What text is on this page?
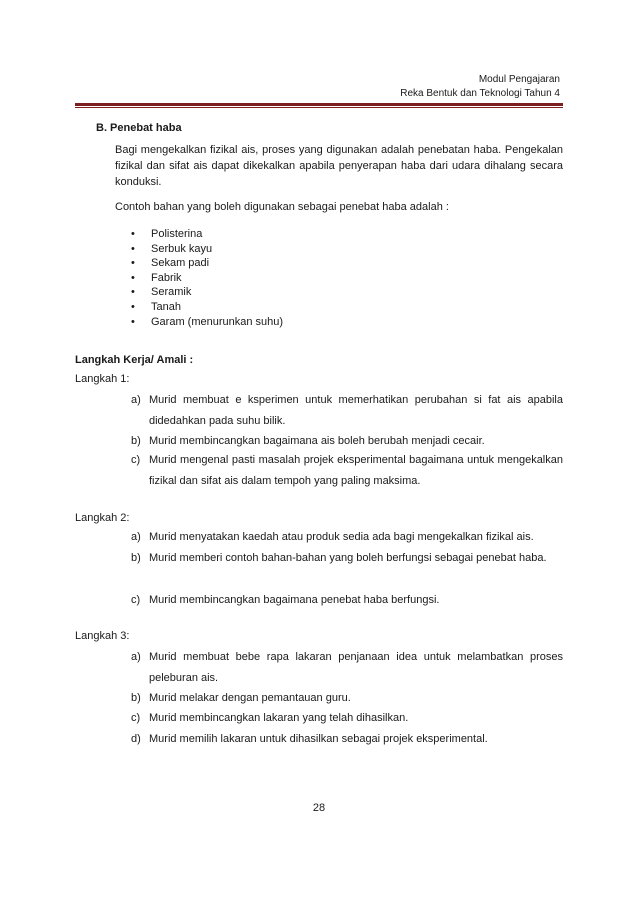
Modul Pengajaran
Reka Bentuk dan Teknologi Tahun 4
B. Penebat haba
Bagi mengekalkan fizikal ais, proses yang digunakan adalah penebatan haba. Pengekalan fizikal dan sifat ais dapat dikekalkan apabila penyerapan haba dari udara dihalang secara konduksi.
Contoh bahan yang boleh digunakan sebagai penebat haba adalah :
• Polisterina
• Serbuk kayu
• Sekam padi
• Fabrik
• Seramik
• Tanah
• Garam (menurunkan suhu)
Langkah Kerja/ Amali :
Langkah 1:
a) Murid membuat e ksperimen untuk memerhatikan perubahan si fat ais apabila didedahkan pada suhu bilik.
b) Murid membincangkan bagaimana ais boleh berubah menjadi cecair.
c) Murid mengenal pasti masalah projek eksperimental bagaimana untuk mengekalkan fizikal dan sifat ais dalam tempoh yang paling maksima.
Langkah 2:
a) Murid menyatakan kaedah atau produk sedia ada bagi mengekalkan fizikal ais.
b) Murid memberi contoh bahan-bahan yang boleh berfungsi sebagai penebat haba.
c) Murid membincangkan bagaimana penebat haba berfungsi.
Langkah 3:
a) Murid membuat bebe rapa lakaran penjanaan idea untuk melambatkan proses peleburan ais.
b) Murid melakar dengan pemantauan guru.
c) Murid membincangkan lakaran yang telah dihasilkan.
d) Murid memilih lakaran untuk dihasilkan sebagai projek eksperimental.
28
